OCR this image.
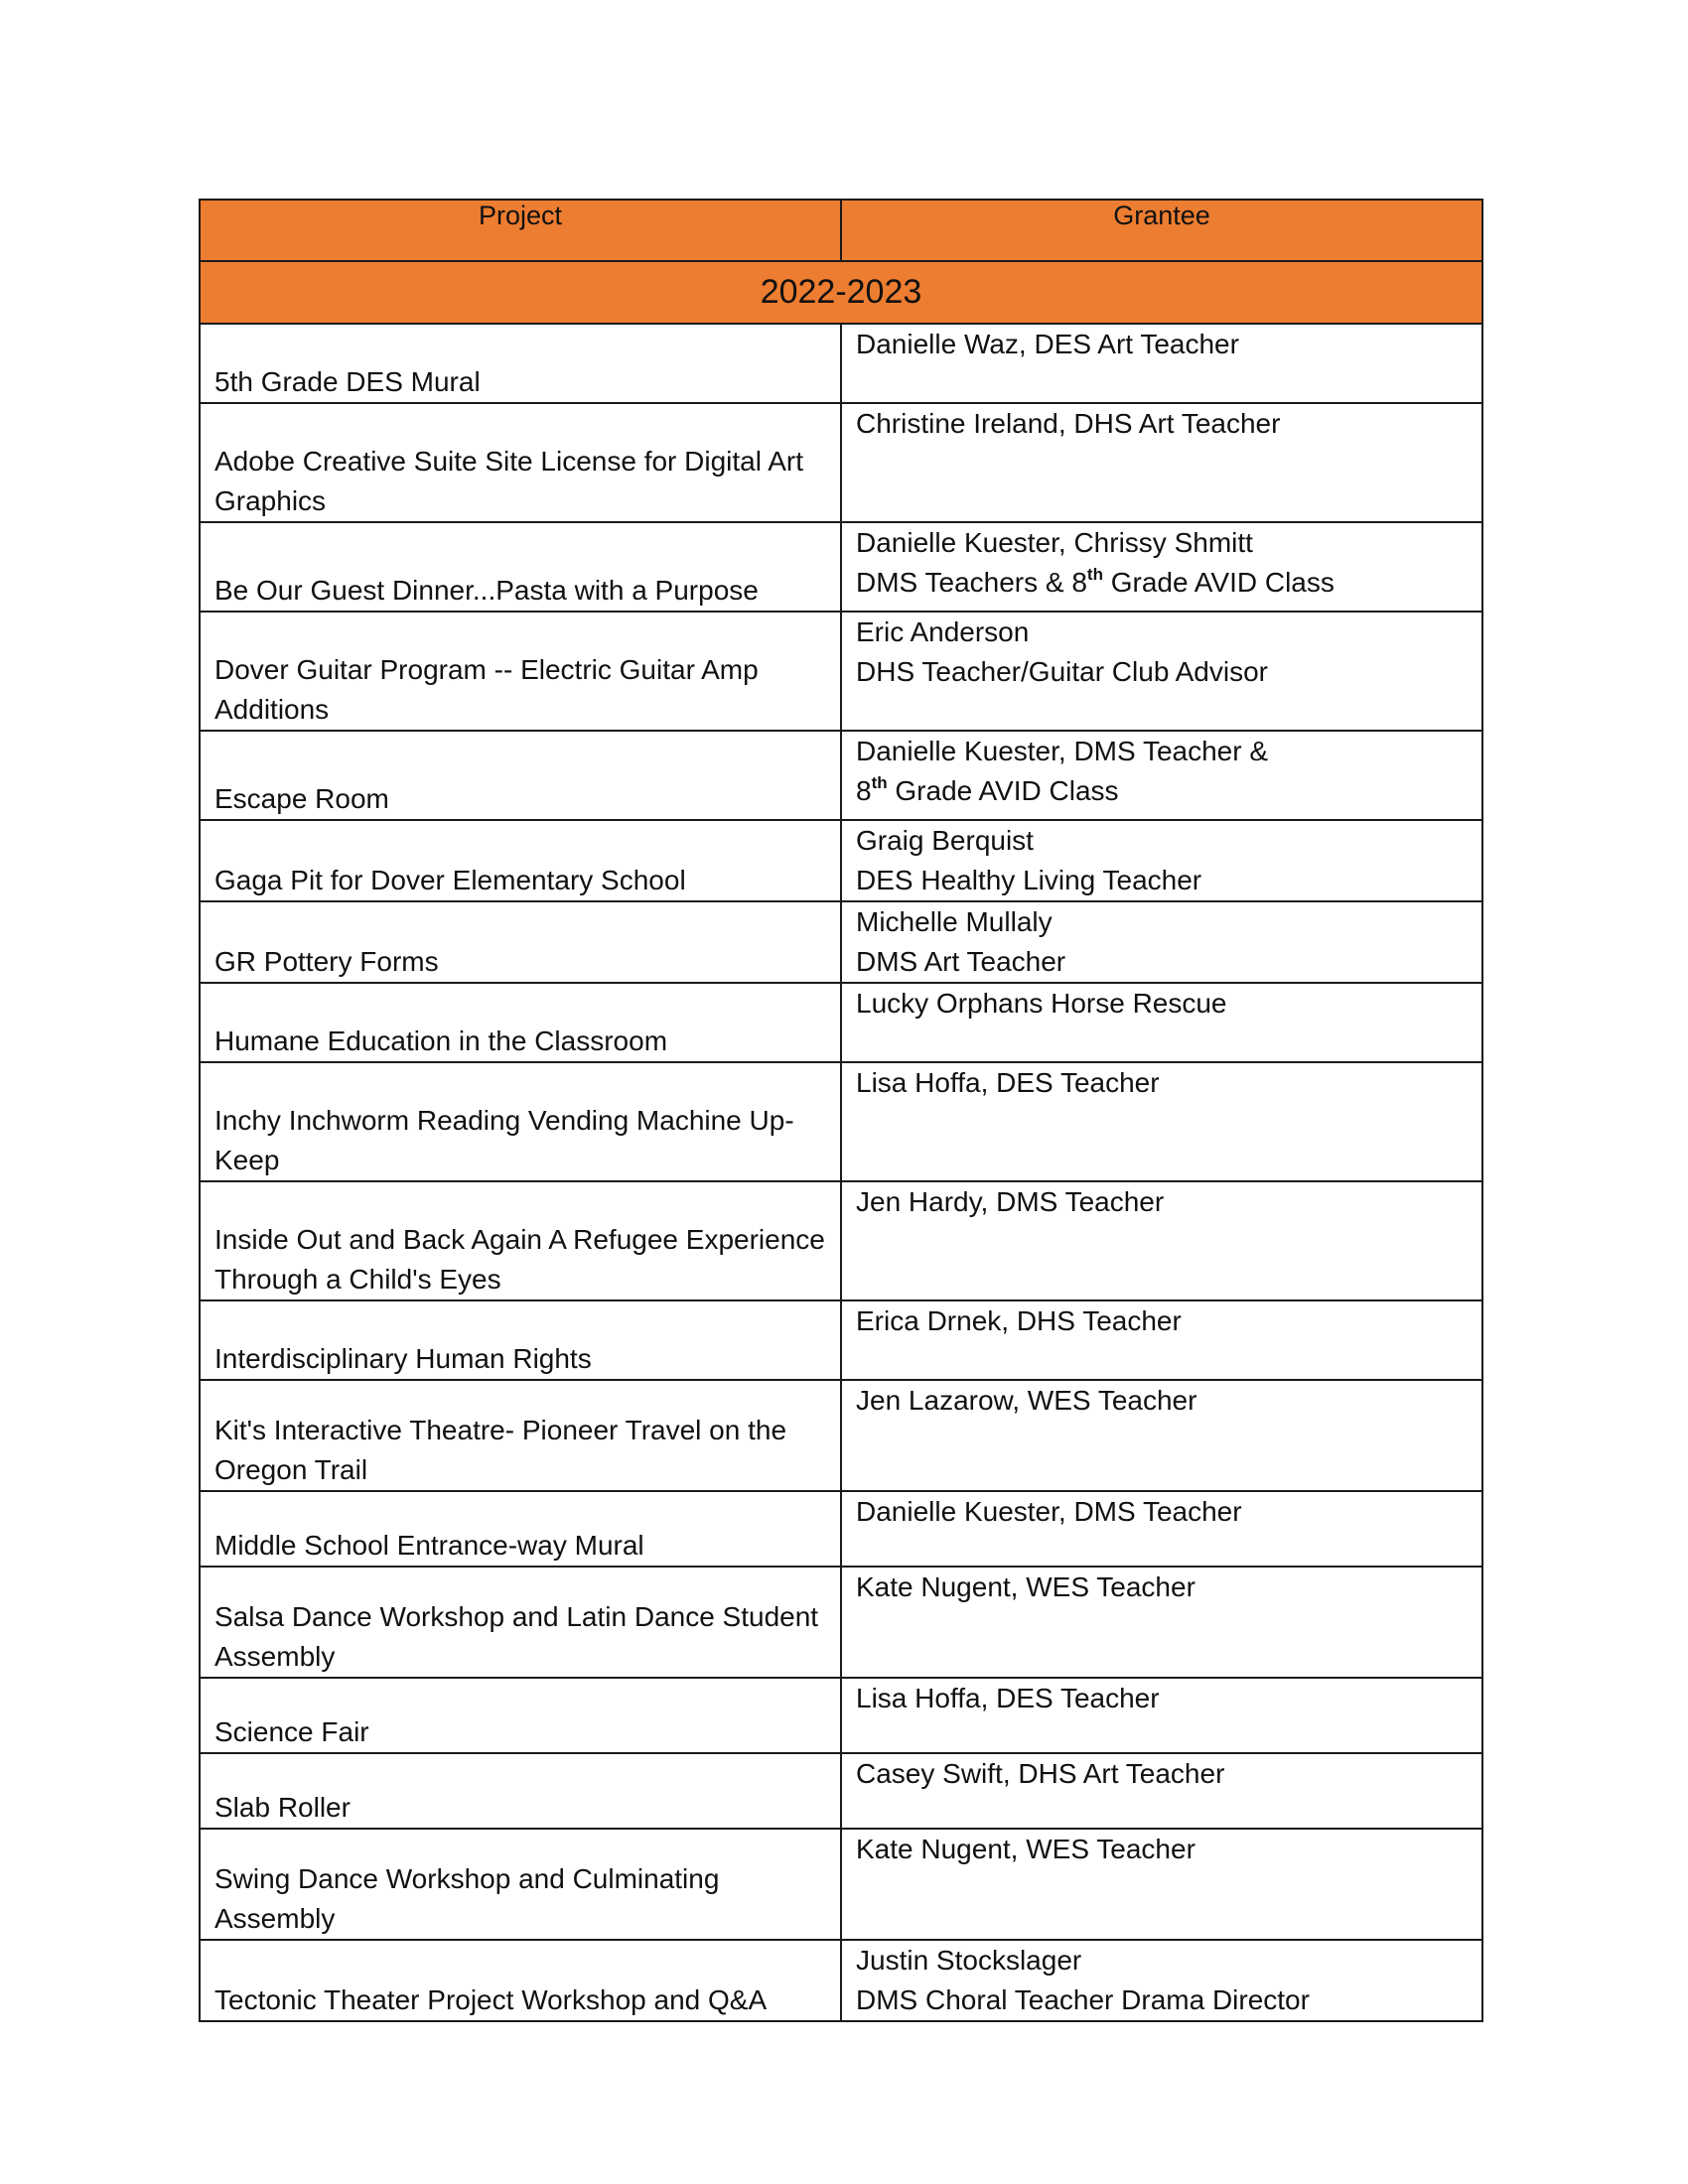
Project	Grantee
2022-2023	

5th Grade DES Mural	Danielle Waz, DES Art Teacher

Adobe Creative Suite Site License for Digital Art
Graphics	Christine Ireland, DHS Art Teacher

Be Our Guest Dinner...Pasta with a Purpose	Danielle Kuester, Chrissy Shmitt
DMS Teachers & 8th Grade AVID Class

Dover Guitar Program -- Electric Guitar Amp
Additions	Eric Anderson
DHS Teacher/Guitar Club Advisor

Escape Room	Danielle Kuester, DMS Teacher &
8th Grade AVID Class

Gaga Pit for Dover Elementary School	Graig Berquist
DES Healthy Living Teacher

GR Pottery Forms	Michelle Mullaly
DMS Art Teacher

Humane Education in the Classroom	Lucky Orphans Horse Rescue

Inchy Inchworm Reading Vending Machine Up-
Keep	Lisa Hoffa, DES Teacher

Inside Out and Back Again A Refugee Experience
Through a Child's Eyes	Jen Hardy, DMS Teacher

Interdisciplinary Human Rights	Erica Drnek, DHS Teacher

Kit's Interactive Theatre- Pioneer Travel on the
Oregon Trail	Jen Lazarow, WES Teacher

Middle School Entrance-way Mural	Danielle Kuester, DMS Teacher

Salsa Dance Workshop and Latin Dance Student
Assembly	Kate Nugent, WES Teacher

Science Fair	Lisa Hoffa, DES Teacher

Slab Roller	Casey Swift, DHS Art Teacher

Swing Dance Workshop and Culminating
Assembly	Kate Nugent, WES Teacher

Tectonic Theater Project Workshop and Q&A	Justin Stockslager
DMS Choral Teacher Drama Director
